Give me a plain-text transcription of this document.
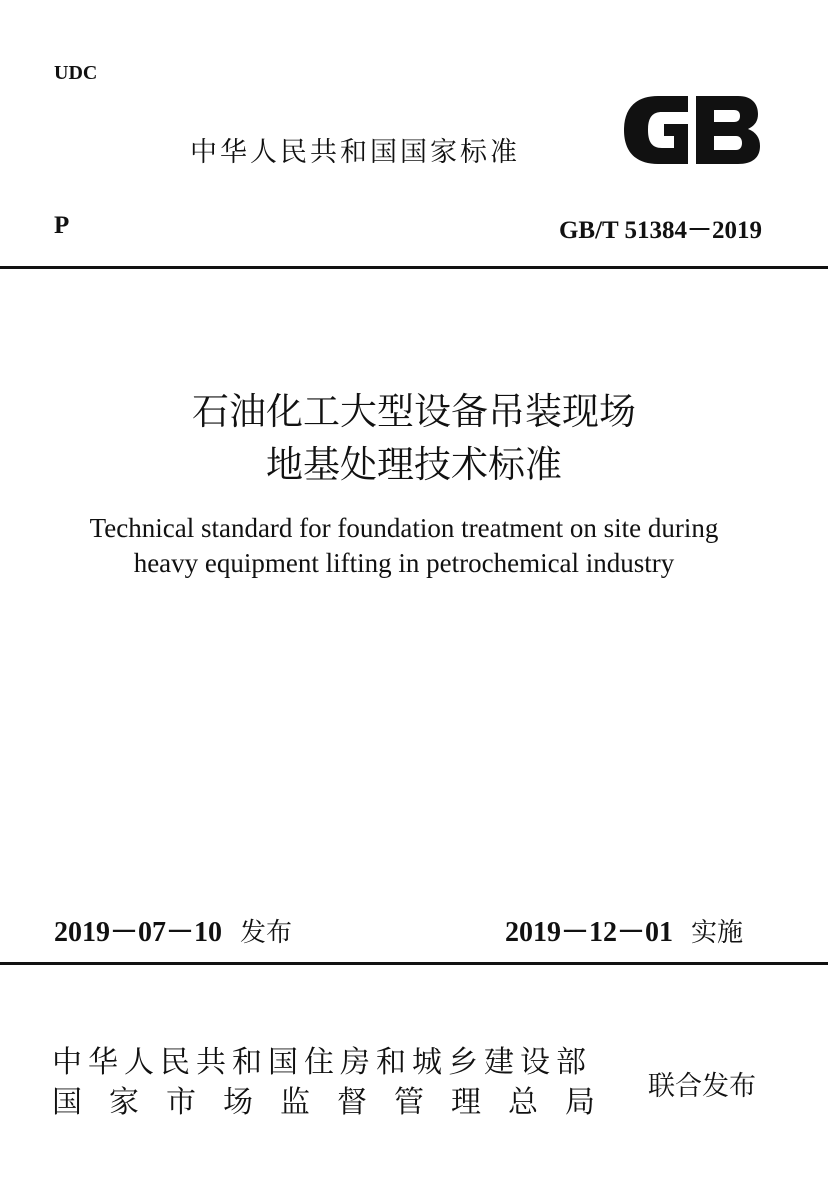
UDC
中华人民共和国国家标准
P	GB/T 51384－2019
石油化工大型设备吊装现场
地基处理技术标准
Technical standard for foundation treatment on site during
heavy equipment lifting in petrochemical industry
2019－07－10 发布	2019－12－01 实施
中华人民共和国住房和城乡建设部
国家市场监督管理总局 联合发布
